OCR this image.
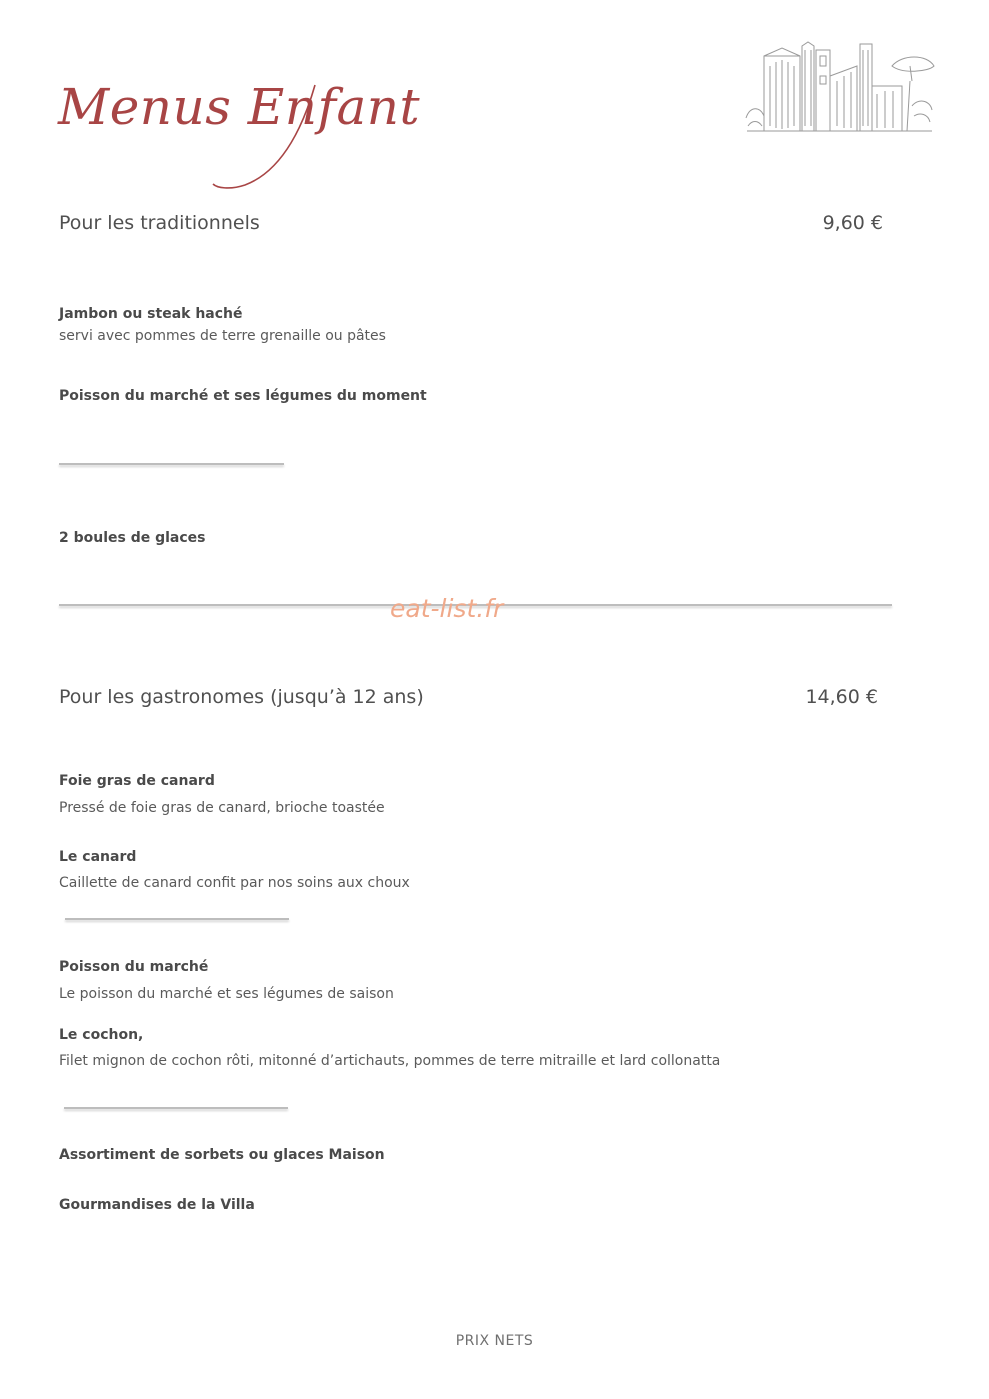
Menus Enfant
Pour les traditionnels	9,60 €
Jambon ou steak haché
servi avec pommes de terre grenaille ou pâtes
Poisson du marché et ses légumes du moment
2 boules de glaces
eat-list.fr
Pour les gastronomes (jusqu’à 12 ans)	14,60 €
Foie gras de canard
Pressé de foie gras de canard, brioche toastée
Le canard
Caillette de canard confit par nos soins aux choux
Poisson du marché
Le poisson du marché et ses légumes de saison
Le cochon,
Filet mignon de cochon rôti, mitonné d’artichauts, pommes de terre mitraille et lard collonatta
Assortiment de sorbets ou glaces Maison
Gourmandises de la Villa
PRIX NETS
